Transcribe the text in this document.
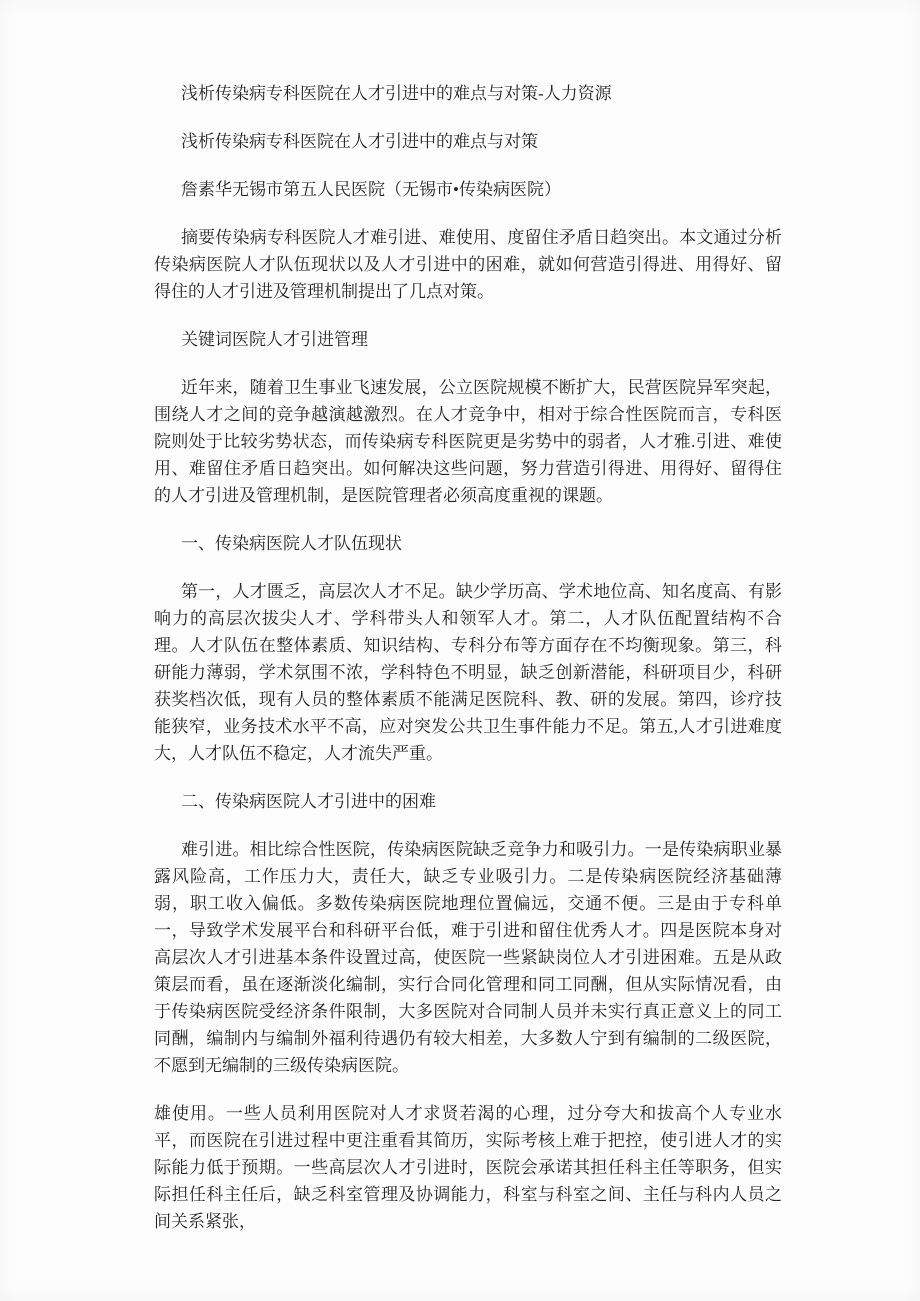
浅析传染病专科医院在人才引进中的难点与对策-人力资源

浅析传染病专科医院在人才引进中的难点与对策

詹素华无锡市第五人民医院（无锡市•传染病医院）

摘要传染病专科医院人才难引进、难使用、度留住矛盾日趋突出。本文通过分析传染病医院人才队伍现状以及人才引进中的困难，就如何营造引得进、用得好、留得住的人才引进及管理机制提出了几点对策。

关键词医院人才引进管理

近年来，随着卫生事业飞速发展，公立医院规模不断扩大，民营医院异军突起，围绕人才之间的竞争越演越激烈。在人才竞争中，相对于综合性医院而言，专科医院则处于比较劣势状态，而传染病专科医院更是劣势中的弱者，人才雅.引进、难使用、难留住矛盾日趋突出。如何解决这些问题，努力营造引得进、用得好、留得住的人才引进及管理机制，是医院管理者必须高度重视的课题。

一、传染病医院人才队伍现状

第一，人才匮乏，高层次人才不足。缺少学历高、学术地位高、知名度高、有影响力的高层次拔尖人才、学科带头人和领军人才。第二，人才队伍配置结构不合理。人才队伍在整体素质、知识结构、专科分布等方面存在不均衡现象。第三，科研能力薄弱，学术氛围不浓，学科特色不明显，缺乏创新潜能，科研项目少，科研获奖档次低，现有人员的整体素质不能满足医院科、教、研的发展。第四，诊疗技能狭窄，业务技术水平不高，应对突发公共卫生事件能力不足。第五,人才引进难度大，人才队伍不稳定，人才流失严重。

二、传染病医院人才引进中的困难

难引进。相比综合性医院，传染病医院缺乏竞争力和吸引力。一是传染病职业暴露风险高，工作压力大，责任大，缺乏专业吸引力。二是传染病医院经济基础薄弱，职工收入偏低。多数传染病医院地理位置偏远，交通不便。三是由于专科单一，导致学术发展平台和科研平台低，难于引进和留住优秀人才。四是医院本身对高层次人才引进基本条件设置过高，使医院一些紧缺岗位人才引进困难。五是从政策层而看，虽在逐渐淡化编制，实行合同化管理和同工同酬，但从实际情况看，由于传染病医院受经济条件限制，大多医院对合同制人员并未实行真正意义上的同工同酬，编制内与编制外福利待遇仍有较大相差，大多数人宁到有编制的二级医院，不愿到无编制的三级传染病医院。

雄使用。一些人员利用医院对人才求贤若渴的心理，过分夸大和拔高个人专业水平，而医院在引进过程中更注重看其简历，实际考核上难于把控，使引进人才的实际能力低于预期。一些高层次人才引进时，医院会承诺其担任科主任等职务，但实际担任科主任后，缺乏科室管理及协调能力，科室与科室之间、主任与科内人员之间关系紧张，
